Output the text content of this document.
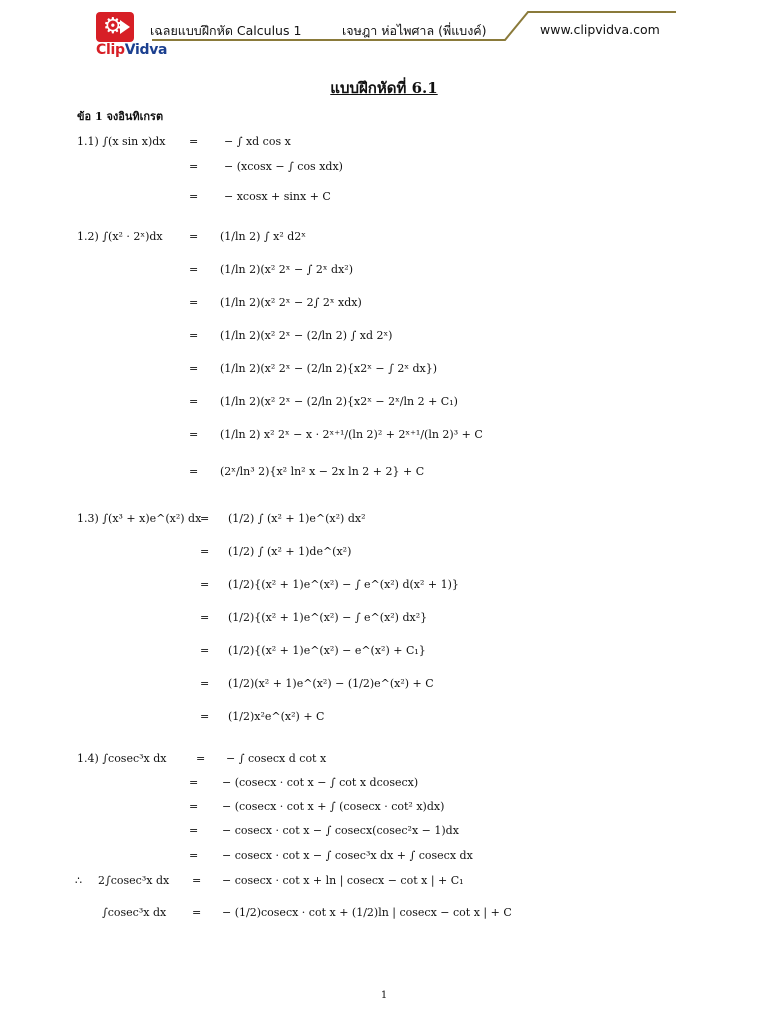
⚙
ClipVidva
เฉลยแบบฝึกหัด Calculus 1	เจษฎา ห่อไพศาล (พี่แบงค์)	www.clipvidva.com
แบบฝึกหัดที่ 6.1
ข้อ 1 จงอินทิเกรต
1.1) ∫(x sin x)dx = − ∫ xd cos x
= − (xcosx − ∫ cos xdx)
= − xcosx + sinx + C
1.2) ∫(x² · 2ˣ)dx = (1/ln 2) ∫ x² d2ˣ
= (1/ln 2)(x² 2ˣ − ∫ 2ˣ dx²)
= (1/ln 2)(x² 2ˣ − 2∫ 2ˣ xdx)
= (1/ln 2)(x² 2ˣ − (2/ln 2) ∫ xd 2ˣ)
= (1/ln 2)(x² 2ˣ − (2/ln 2){x2ˣ − ∫ 2ˣ dx})
= (1/ln 2)(x² 2ˣ − (2/ln 2){x2ˣ − 2ˣ/ln 2 + C₁)
= (1/ln 2) x² 2ˣ − x · 2ˣ⁺¹/(ln 2)² + 2ˣ⁺¹/(ln 2)³ + C
= (2ˣ/ln³ 2){x² ln² x − 2x ln 2 + 2} + C
1.3) ∫(x³ + x)e^(x²) dx
= (1/2) ∫ (x² + 1)e^(x²) dx²
= (1/2) ∫ (x² + 1)de^(x²)
= (1/2){(x² + 1)e^(x²) − ∫ e^(x²) d(x² + 1)}
= (1/2){(x² + 1)e^(x²) − ∫ e^(x²) dx²}
= (1/2){(x² + 1)e^(x²) − e^(x²) + C₁}
= (1/2)(x² + 1)e^(x²) − (1/2)e^(x²) + C
= (1/2)x²e^(x²) + C
1.4) ∫cosec³x dx	= − ∫ cosecx d cot x
= − (cosecx · cot x − ∫ cot x dcosecx)
= − (cosecx · cot x + ∫ (cosecx · cot² x)dx)
= − cosecx · cot x − ∫ cosecx(cosec²x − 1)dx
= − cosecx · cot x − ∫ cosec³x dx + ∫ cosecx dx
∴ 2∫cosec³x dx = − cosecx · cot x + ln | cosecx − cot x | + C₁
∫cosec³x dx = − (1/2)cosecx · cot x + (1/2)ln | cosecx − cot x | + C
1
